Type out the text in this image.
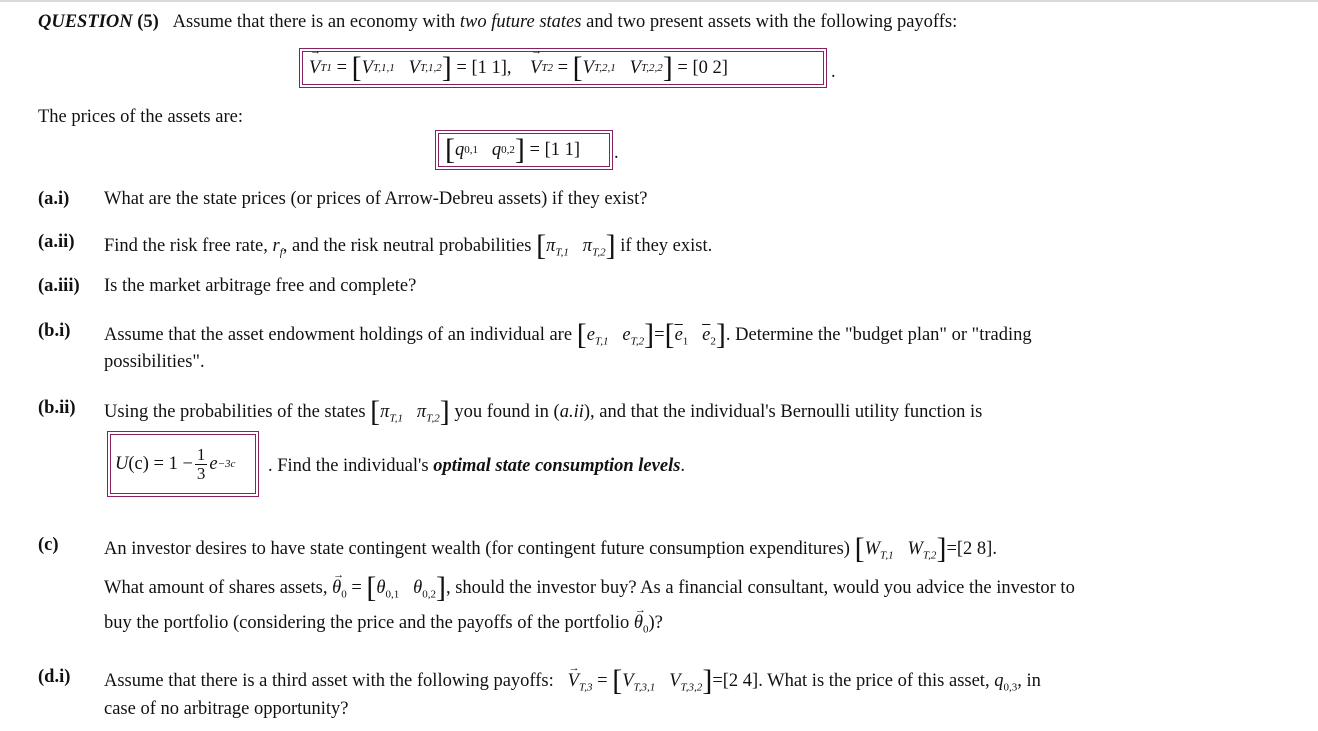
QUESTION (5) Assume that there is an economy with two future states and two present assets with the following payoffs:
→ V T1 = [ V T,1,1
V T,1,2 ] = [1 1],
→ V T2 = [ V T,2,1
V T,2,2 ] = [0 2]	.
The prices of the assets are:
[ q 0,1
q 0,2 ] = [1 1] .
(a.i) What are the state prices (or prices of Arrow-Debreu assets) if they exist?
(a.ii) Find the risk free rate, $r_f$, and the risk neutral probabilities [$\pi_{T,1}$ $\pi_{T,2}$] if they exist.
(a.iii) Is the market arbitrage free and complete?
(b.i) Assume that the asset endowment holdings of an individual are [$e_{T,1}$ $e_{T,2}]=[\overline{e}_1$ $\overline{e}_2$]. Determine the "budget plan" or "trading
possibilities".
(b.ii) Using the probabilities of the states [$\pi_{T,1}$ $\pi_{T,2}$] you found in (a.ii), and that the individual's Bernoulli utility function is
U $(c) = 1 - \frac{1}{3}$ e −3c . Find the individual's optimal state consumption levels.
(c) An investor desires to have state contingent wealth (for contingent future consumption expenditures) [$W_{T,1}$ $W_{T,2}]=[2$ 8].
What amount of shares assets, → $\theta_0 = [\theta_{0,1}$ $\theta_{0,2}$], should the investor buy? As a financial consultant, would you advice the investor to
buy the portfolio (considering the price and the payoffs of the portfolio → $\theta_0$)?
(d.i) Assume that there is a third asset with the following payoffs: → $V_{T,3} = [V_{T,3,1}$ $V_{T,3,2}]=[2$ 4]. What is the price of this asset, $q_{0,3}$, in
case of no arbitrage opportunity?
